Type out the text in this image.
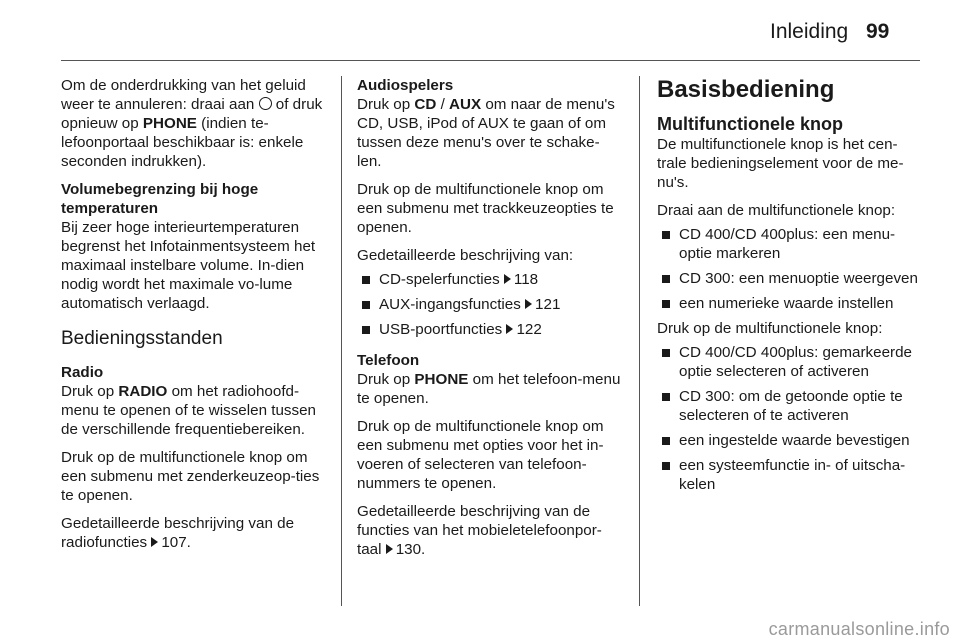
Inleiding 99

Om de onderdrukking van het geluid weer te annuleren: draai aan  of druk opnieuw op PHONE (indien te-lefoonportaal beschikbaar is: enkele seconden indrukken).

Volumebegrenzing bij hoge temperaturen

Bij zeer hoge interieurtemperaturen begrenst het Infotainmentsysteem het maximaal instelbare volume. In-dien nodig wordt het maximale vo-lume automatisch verlaagd.

Bedieningsstanden
Radio

Druk op RADIO om het radiohoofd-menu te openen of te wisselen tussen de verschillende frequentiebereiken.

Druk op de multifunctionele knop om een submenu met zenderkeuzeop-ties te openen.

Gedetailleerde beschrijving van de radiofuncties 107.

Audiospelers

Druk op CD / AUX om naar de menu's CD, USB, iPod of AUX te gaan of om tussen deze menu's over te schake-len.

Druk op de multifunctionele knop om een submenu met trackkeuzeopties te openen.

Gedetailleerde beschrijving van:

CD-spelerfuncties 118
AUX-ingangsfuncties 121
USB-poortfuncties 122
Telefoon

Druk op PHONE om het telefoon-menu te openen.

Druk op de multifunctionele knop om een submenu met opties voor het in-voeren of selecteren van telefoon-nummers te openen.

Gedetailleerde beschrijving van de functies van het mobieletelefoonpor-taal 130.

Basisbediening
Multifunctionele knop

De multifunctionele knop is het cen-trale bedieningselement voor de me-nu's.

Draai aan de multifunctionele knop:

CD 400/CD 400plus: een menu-optie markeren
CD 300: een menuoptie weergeven
een numerieke waarde instellen

Druk op de multifunctionele knop:

CD 400/CD 400plus: gemarkeerde optie selecteren of activeren
CD 300: om de getoonde optie te selecteren of te activeren
een ingestelde waarde bevestigen
een systeemfunctie in- of uitscha-kelen
carmanualsonline.info
